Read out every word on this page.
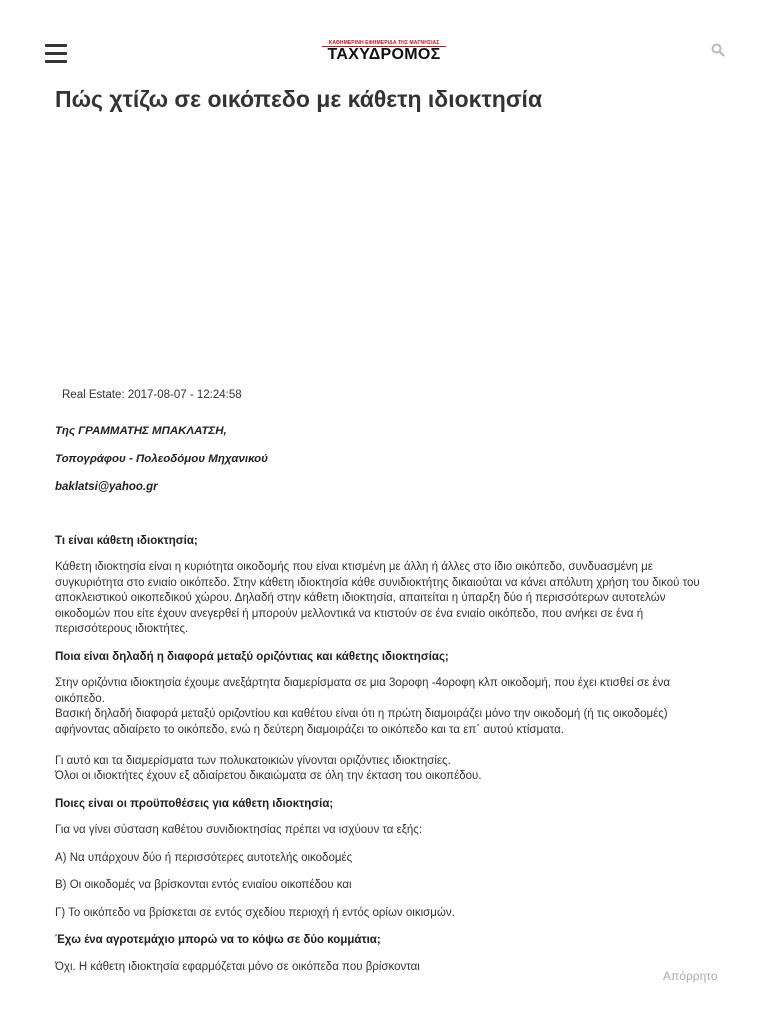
ΚΑΘΗΜΕΡΙΝΗ ΕΦΗΜΕΡΙΔΑ ΤΗΣ ΜΑΓΝΗΣΙΑΣ
ΤΑΧΥΔΡΟΜΟΣ
Πώς χτίζω σε οικόπεδο με κάθετη ιδιοκτησία
Real Estate: 2017-08-07 - 12:24:58

Της ΓΡΑΜΜΑΤΗΣ ΜΠΑΚΛΑΤΣΗ,

Τοπογράφου - Πολεοδόμου Μηχανικού

baklatsi@yahoo.gr

Τι είναι κάθετη ιδιοκτησία;

Κάθετη ιδιοκτησία είναι η κυριότητα οικοδομής που είναι κτισμένη με άλλη ή άλλες στο ίδιο οικόπεδο, συνδυασμένη με συγκυριότητα στο ενιαίο οικόπεδο. Στην κάθετη ιδιοκτησία κάθε συνιδιοκτήτης δικαιούται να κάνει απόλυτη χρήση του δικού του αποκλειστικού οικοπεδικού χώρου. Δηλαδή στην κάθετη ιδιοκτησία, απαιτείται η ύπαρξη δύο ή περισσότερων αυτοτελών οικοδομών που είτε έχουν ανεγερθεί ή μπορούν μελλοντικά να κτιστούν σε ένα ενιαίο οικόπεδο, που ανήκει σε ένα ή περισσότερους ιδιοκτήτες.

Ποια είναι δηλαδή η διαφορά μεταξύ οριζόντιας και κάθετης ιδιοκτησίας;

Στην οριζόντια ιδιοκτησία έχουμε ανεξάρτητα διαμερίσματα σε μια 3οροφη -4οροφη κλπ οικοδομή, που έχει κτισθεί σε ένα οικόπεδο.

Βασική δηλαδή διαφορά μεταξύ οριζοντίου και καθέτου είναι ότι η πρώτη διαμοιράζει μόνο την οικοδομή (ή τις οικοδομές) αφήνοντας αδιαίρετο το οικόπεδο, ενώ η δεύτερη διαμοιράζει το οικόπεδο και τα επ΄ αυτού κτίσματα.

Γι αυτό και τα διαμερίσματα των πολυκατοικιών γίνονται οριζόντιες ιδιοκτησίες.

Όλοι οι ιδιοκτήτες έχουν εξ αδιαίρετου δικαιώματα σε όλη την έκταση του οικοπέδου.

Ποιες είναι οι προϋποθέσεις για κάθετη ιδιοκτησία;

Για να γίνει σύσταση καθέτου συνιδιοκτησίας πρέπει να ισχύουν τα εξής:

Α) Να υπάρχουν δύο ή περισσότερες αυτοτελής οικοδομές

Β) Οι οικοδομές να βρίσκονται εντός ενιαίου οικοπέδου και

Γ) Το οικόπεδο να βρίσκεται σε εντός σχεδίου περιοχή ή εντός ορίων οικισμών.

Έχω ένα αγροτεμάχιο μπορώ να το κόψω σε δύο κομμάτια;

Όχι. Η κάθετη ιδιοκτησία εφαρμόζεται μόνο σε οικόπεδα που βρίσκονται

Απόρρητο
